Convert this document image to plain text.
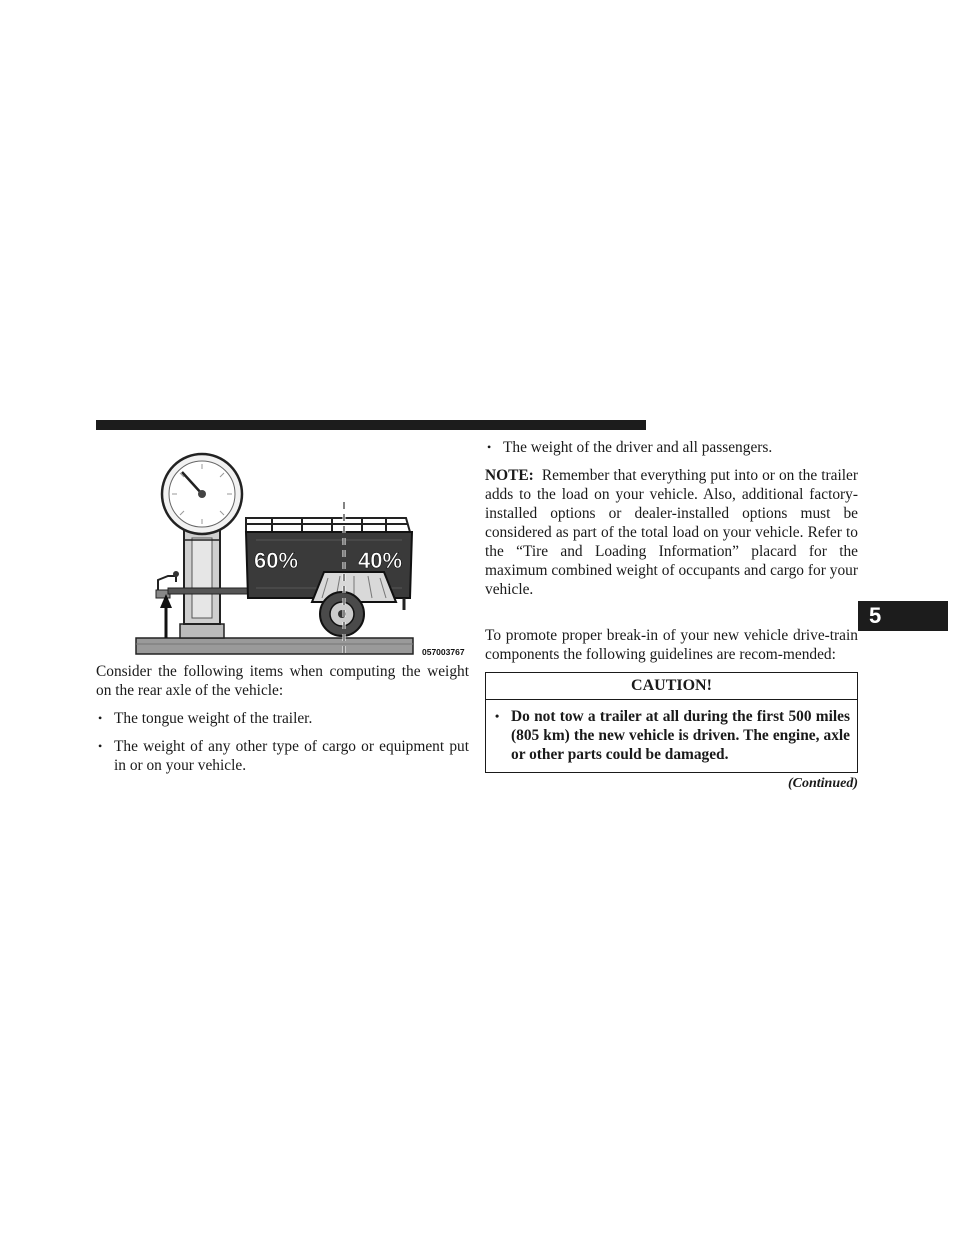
60%	40%
057003767

Consider the following items when computing the weight on the rear axle of the vehicle:

• The tongue weight of the trailer.
• The weight of any other type of cargo or equipment put in or on your vehicle.
• The weight of the driver and all passengers.

NOTE: Remember that everything put into or on the trailer adds to the load on your vehicle. Also, additional factory-installed options or dealer-installed options must be considered as part of the total load on your vehicle. Refer to the “Tire and Loading Information” placard for the maximum combined weight of occupants and cargo for your vehicle.

To promote proper break-in of your new vehicle drive-train components the following guidelines are recom-mended:

CAUTION!
• Do not tow a trailer at all during the first 500 miles (805 km) the new vehicle is driven. The engine, axle or other parts could be damaged.
(Continued)
5
